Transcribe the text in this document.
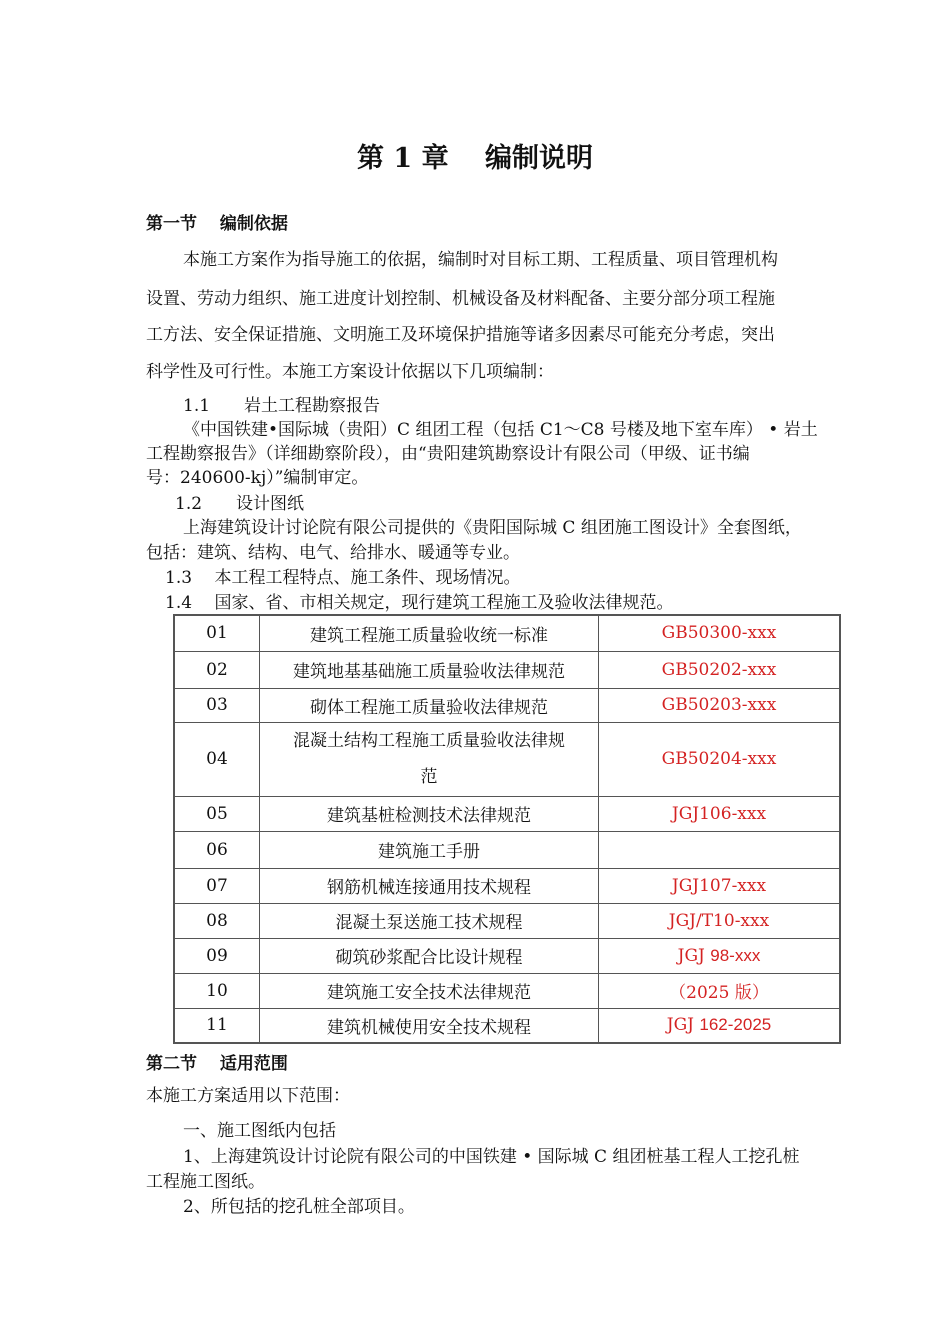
第 1 章　 编制说明
第一节　 编制依据
本施工方案作为指导施工的依据，编制时对目标工期、工程质量、项目管理机构
设置、劳动力组织、施工进度计划控制、机械设备及材料配备、主要分部分项工程施
工方法、安全保证措施、文明施工及环境保护措施等诸多因素尽可能充分考虑，突出
科学性及可行性。本施工方案设计依据以下几项编制：
1.1　　岩土工程勘察报告
《中国铁建•国际城（贵阳）C 组团工程（包括 C1～C8 号楼及地下室车库） • 岩土
工程勘察报告》（详细勘察阶段），由“贵阳建筑勘察设计有限公司（甲级、证书编
号：240600-kj）”编制审定。
1.2　　设计图纸
上海建筑设计讨论院有限公司提供的《贵阳国际城 C 组团施工图设计》全套图纸，
包括：建筑、结构、电气、给排水、暖通等专业。
1.3　 本工程工程特点、施工条件、现场情况。
1.4　 国家、省、市相关规定，现行建筑工程施工及验收法律规范。
01	建筑工程施工质量验收统一标准	GB50300-xxx
02	建筑地基基础施工质量验收法律规范	GB50202-xxx
03	砌体工程施工质量验收法律规范	GB50203-xxx
04	混凝土结构工程施工质量验收法律规
范	GB50204-xxx
05	建筑基桩检测技术法律规范	JGJ106-xxx
06	建筑施工手册	
07	钢筋机械连接通用技术规程	JGJ107-xxx
08	混凝土泵送施工技术规程	JGJ/T10-xxx
09	砌筑砂浆配合比设计规程	JGJ 98-xxx
10	建筑施工安全技术法律规范	（2025 版）
11	建筑机械使用安全技术规程	JGJ 162-2025
第二节　 适用范围
本施工方案适用以下范围：
一、施工图纸内包括
1、上海建筑设计讨论院有限公司的中国铁建 • 国际城 C 组团桩基工程人工挖孔桩
工程施工图纸。
2、所包括的挖孔桩全部项目。
